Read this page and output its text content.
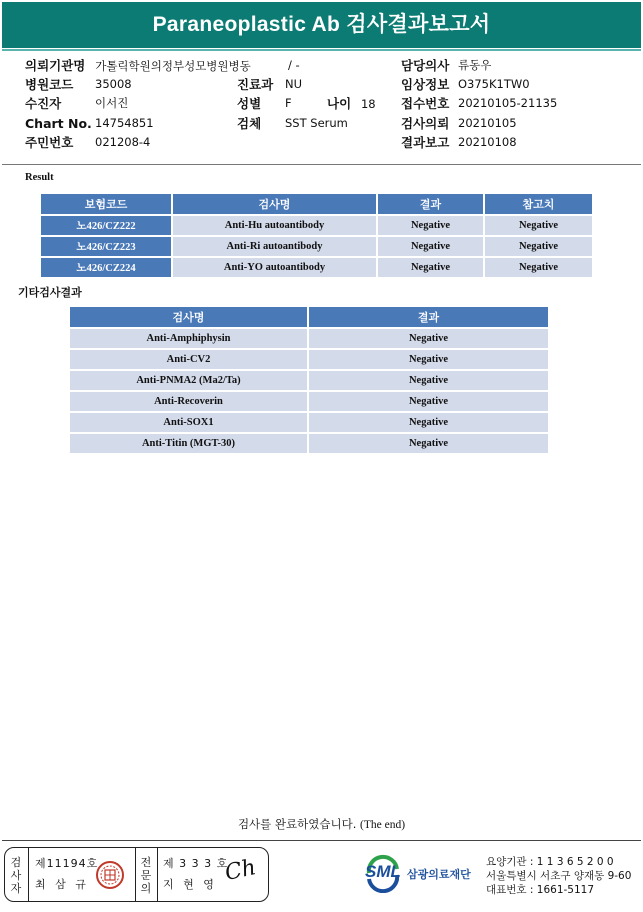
Paraneoplastic Ab 검사결과보고서
의뢰기관명 가톨릭학원의정부성모병원병동
병원코드 35008
수진자	이서진
Chart No. 14754851
주민번호 021208-4
/ -
진료과 NU
성별 F	나이 18
검체 SST Serum
담당의사 류동우
임상정보 O375K1TW0
접수번호 20210105-21135
검사의뢰 20210105
결과보고 20210108
Result
보험코드	검사명	결과	참고치
노426/CZ222	Anti-Hu autoantibody	Negative	Negative
노426/CZ223	Anti-Ri autoantibody	Negative	Negative
노426/CZ224	Anti-YO autoantibody	Negative	Negative
기타검사결과
검사명	결과
Anti-Amphiphysin	Negative
Anti-CV2	Negative
Anti-PNMA2 (Ma2/Ta)	Negative
Anti-Recoverin	Negative
Anti-SOX1	Negative
Anti-Titin (MGT-30)	Negative
검사를 완료하였습니다. (The end)
검사자
제11194호
최 삼 규
전문의
제 3 3 3 호
지 현 영 Ch	SML 삼광의료재단
요양기관 : 1 1 3 6 5 2 0 0
서울특별시 서초구 양재동 9-60
대표번호 : 1661-5117
